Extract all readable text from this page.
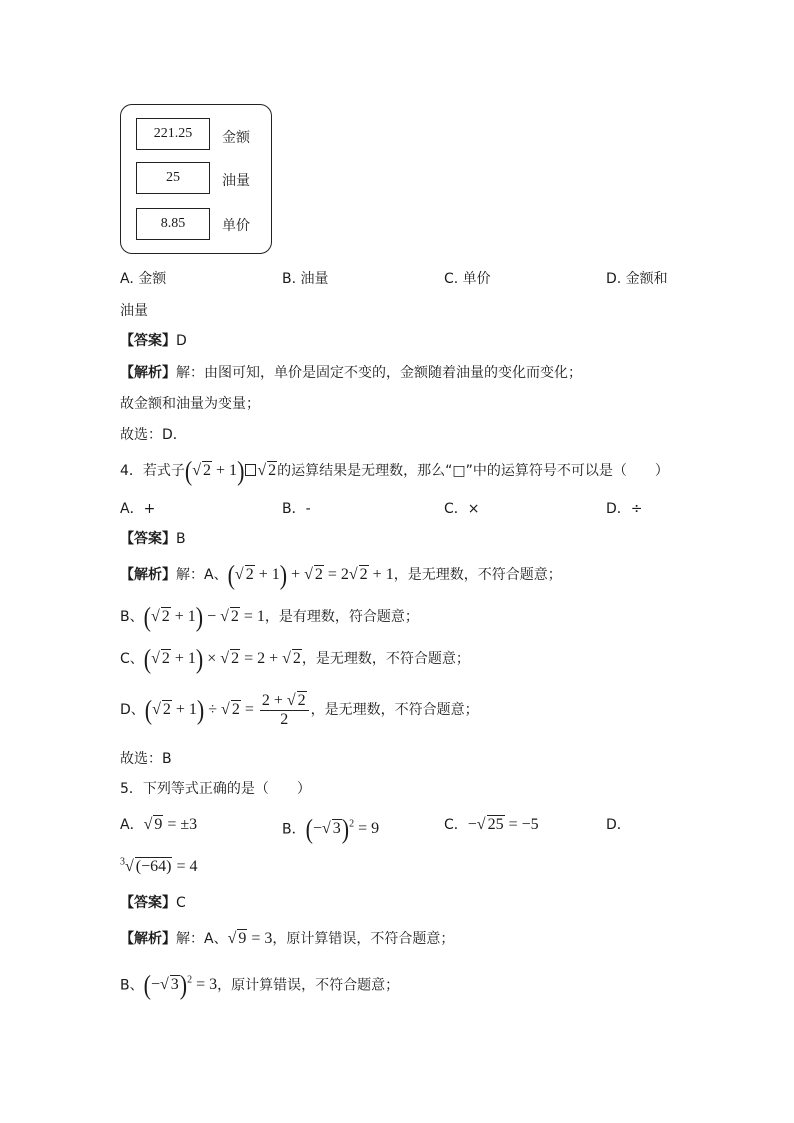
221.25	金额
25	油量
8.85	单价
A. 金额	B. 油量	C. 单价	D. 金额和
油量
【答案】D
【解析】解：由图可知，单价是固定不变的，金额随着油量的变化而变化；
故金额和油量为变量；
故选：D．
4．若式子(√ 2 + 1) √ 2的运算结果是无理数，那么“□”中的运算符号不可以是（　　）
A．+	B．-	C．×	D．÷
【答案】B
【解析】解：A、(√ 2 + 1) + √ 2 = 2√ 2 + 1，是无理数，不符合题意；
B、(√ 2 + 1) − √ 2 = 1，是有理数，符合题意；
C、(√ 2 + 1) × √ 2 = 2 + √ 2，是无理数，不符合题意；
D、(√ 2 + 1) ÷ √ $2 = \frac{2 + √ 2}{2}$ ，是无理数，不符合题意；
故选：B
5．下列等式正确的是（　　）
A．√ 9 = ±3	B．(−√ 3)$^2$ = 9	C．−√ 25 = −5	D．
$^3$√ (−64) = 4
【答案】C
【解析】解：A、√ 9 = 3，原计算错误，不符合题意；
B、(−√ 3)$^2$ = 3，原计算错误，不符合题意；
